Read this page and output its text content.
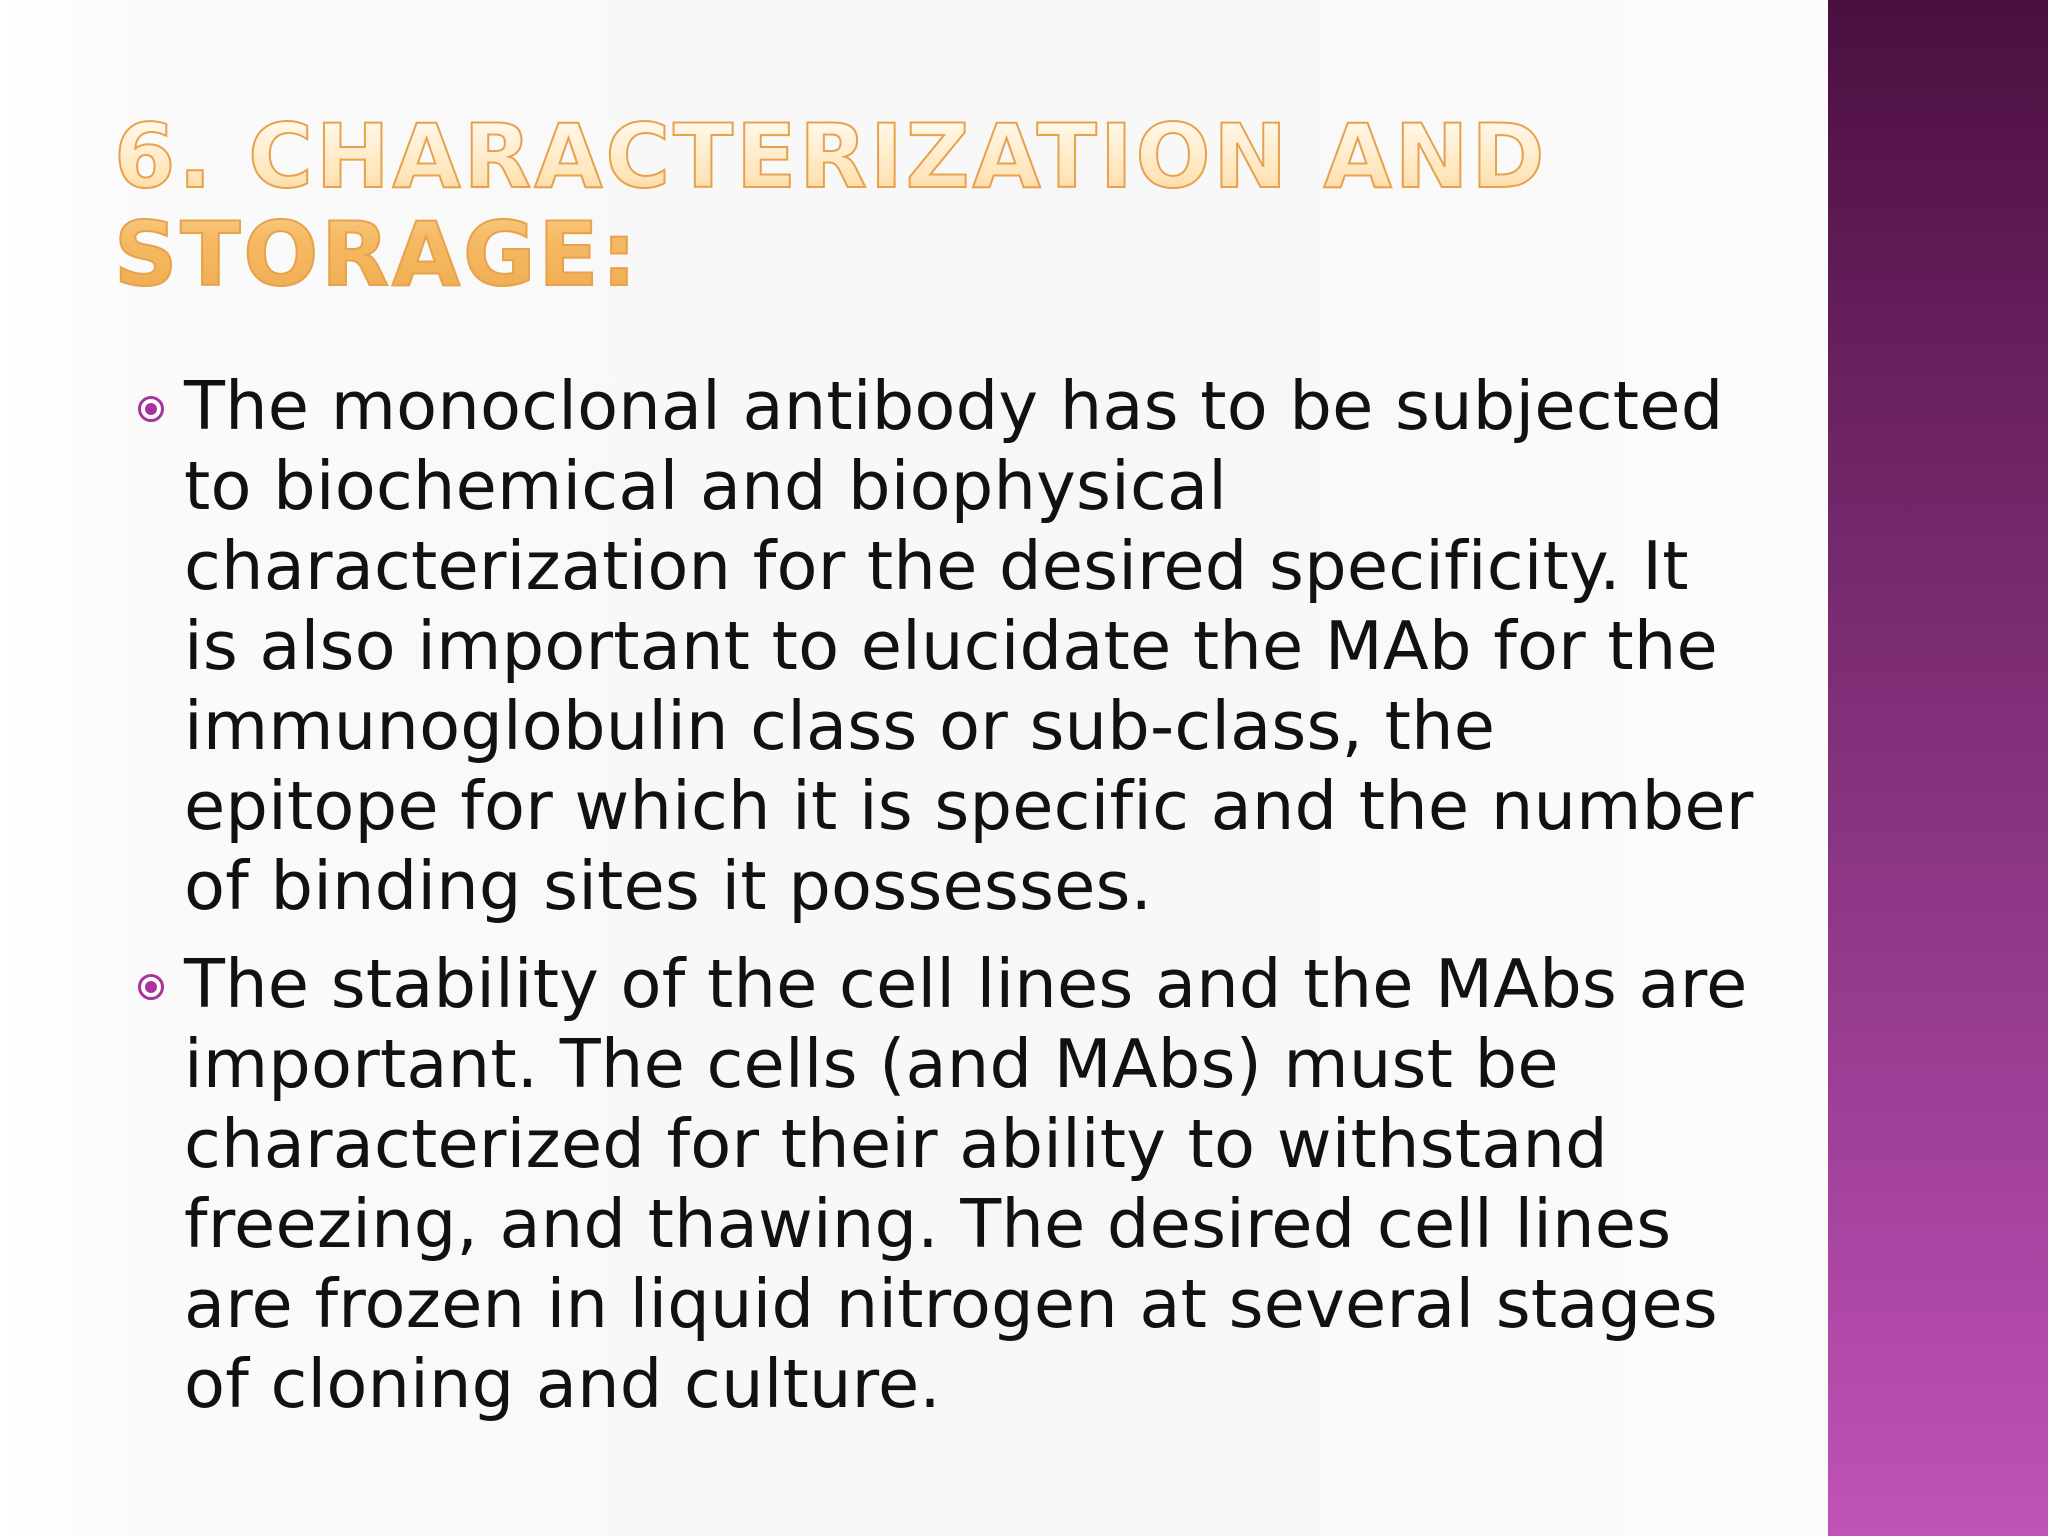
6. CHARACTERIZATION AND STORAGE:
The monoclonal antibody has to be subjected to biochemical and biophysical characterization for the desired specificity. It is also important to elucidate the MAb for the immunoglobulin class or sub-class, the epitope for which it is specific and the number of binding sites it possesses.
The stability of the cell lines and the MAbs are important. The cells (and MAbs) must be characterized for their ability to withstand freezing, and thawing. The desired cell lines are frozen in liquid nitrogen at several stages of cloning and culture.
